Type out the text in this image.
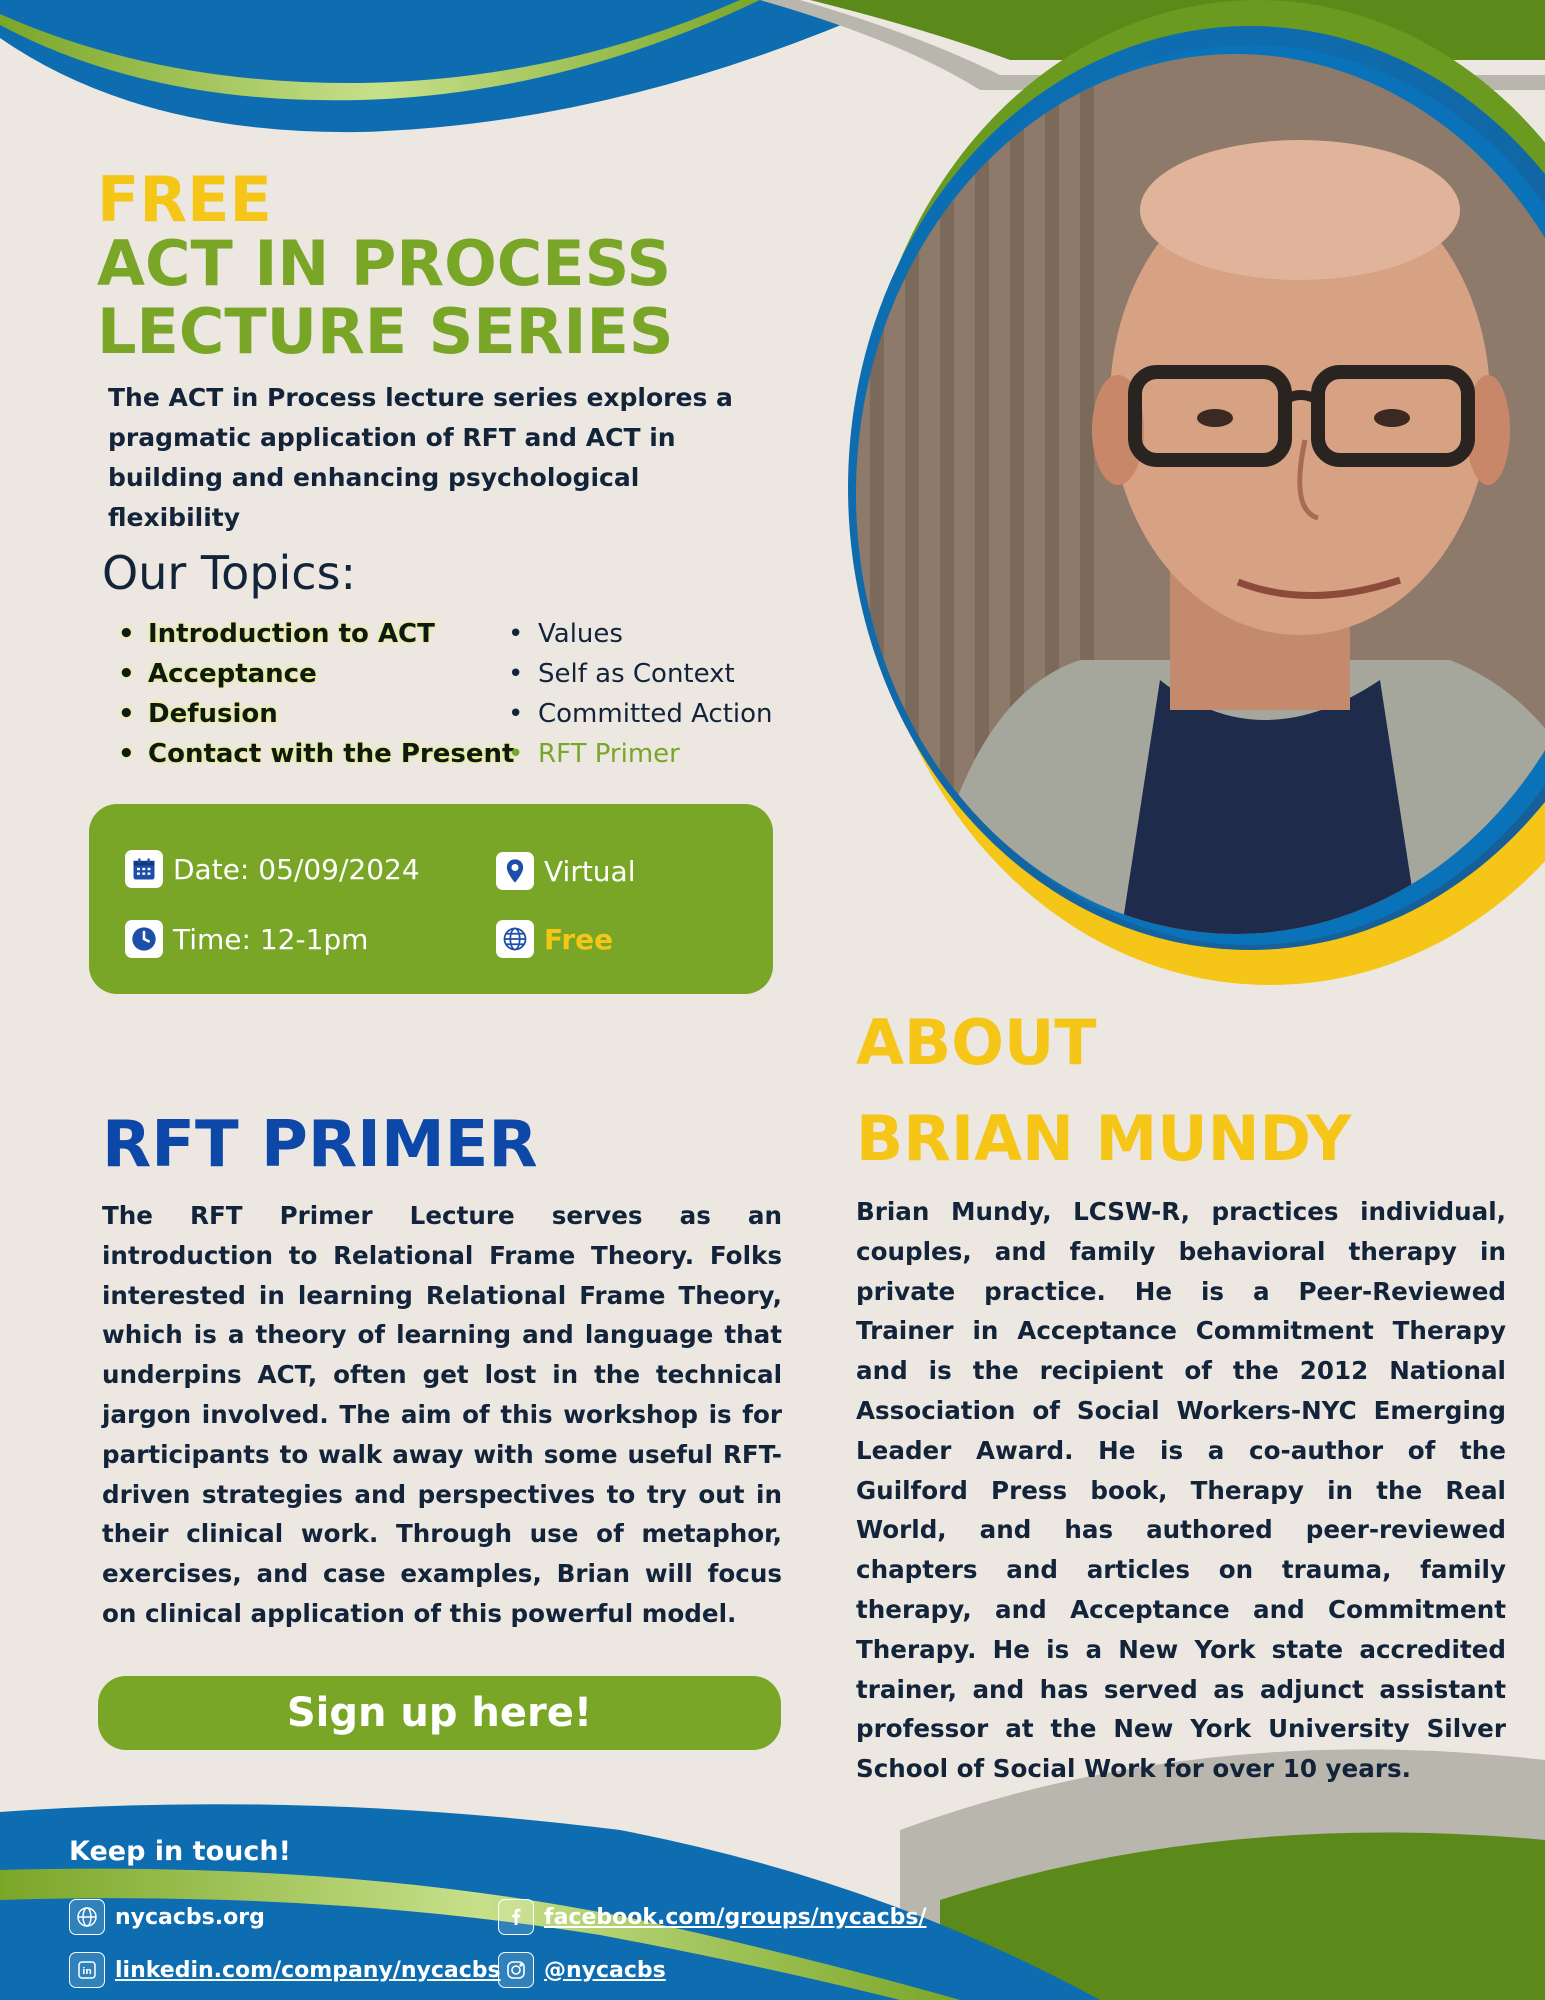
FREE
ACT IN PROCESS
LECTURE SERIES
The ACT in Process lecture series explores a pragmatic application of RFT and ACT in building and enhancing psychological flexibility
Our Topics:
• Introduction to ACT
• Acceptance
• Defusion
• Contact with the Present
• Values
• Self as Context
• Committed Action
• RFT Primer
Date: 05/09/2024
Time: 12-1pm
Virtual
Free
RFT PRIMER
The RFT Primer Lecture serves as an introduction to Relational Frame Theory. Folks interested in learning Relational Frame Theory, which is a theory of learning and language that underpins ACT, often get lost in the technical jargon involved. The aim of this workshop is for participants to walk away with some useful RFT-driven strategies and perspectives to try out in their clinical work. Through use of metaphor, exercises, and case examples, Brian will focus on clinical application of this powerful model.
Sign up here!
ABOUT
BRIAN MUNDY
Brian Mundy, LCSW-R, practices individual, couples, and family behavioral therapy in private practice. He is a Peer-Reviewed Trainer in Acceptance Commitment Therapy and is the recipient of the 2012 National Association of Social Workers-NYC Emerging Leader Award. He is a co-author of the Guilford Press book, Therapy in the Real World, and has authored peer-reviewed chapters and articles on trauma, family therapy, and Acceptance and Commitment Therapy. He is a New York state accredited trainer, and has served as adjunct assistant professor at the New York University Silver School of Social Work for over 10 years.
Keep in touch!
nycacbs.org
in linkedin.com/company/nycacbs
facebook.com/groups/nycacbs/
@nycacbs
